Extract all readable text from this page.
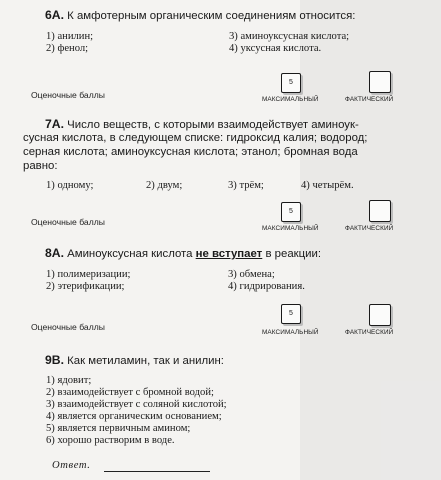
6А. К амфотерным органическим соединениям относится:
1) анилин;
2) фенол;
3) аминоуксусная кислота;
4) уксусная кислота.
Оценочные баллы
5
МАКСИМАЛЬНЫЙ	ФАКТИЧЕСКИЙ
7А. Число веществ, с которыми взаимодействует аминоук-
сусная кислота, в следующем списке: гидроксид калия; водород;
серная кислота; аминоуксусная кислота; этанол; бромная вода
равно:
1) одному;	2) двум;	3) трём;	4) четырём.
Оценочные баллы
5
МАКСИМАЛЬНЫЙ	ФАКТИЧЕСКИЙ
8А. Аминоуксусная кислота не вступает в реакции:
1) полимеризации;
2) этерификации;
3) обмена;
4) гидрирования.
Оценочные баллы
5
МАКСИМАЛЬНЫЙ	ФАКТИЧЕСКИЙ
9В. Как метиламин, так и анилин:
1) ядовит;
2) взаимодействует с бромной водой;
3) взаимодействует с соляной кислотой;
4) является органическим основанием;
5) является первичным амином;
6) хорошо растворим в воде.
Ответ.
